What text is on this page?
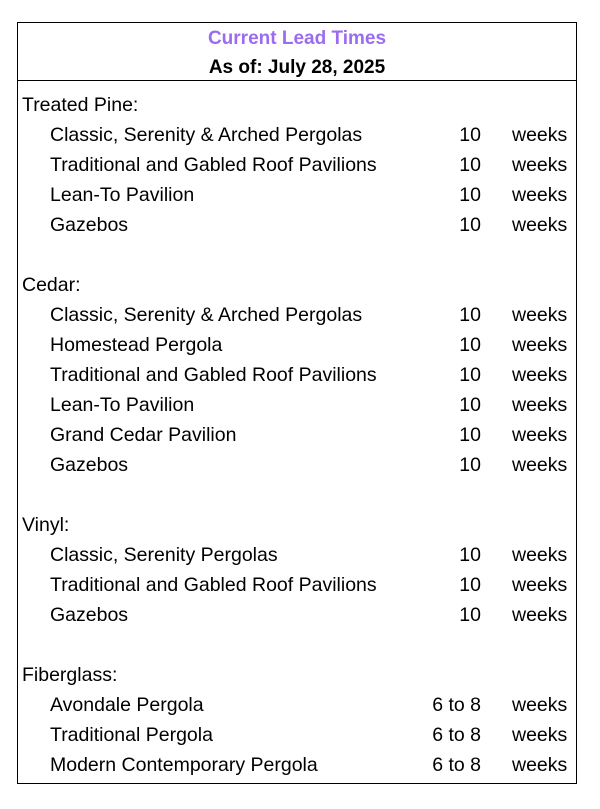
Current Lead Times
As of: July 28, 2025
Treated Pine:
Classic, Serenity & Arched Pergolas	10 weeks
Traditional and Gabled Roof Pavilions	10 weeks
Lean-To Pavilion	10 weeks
Gazebos	10 weeks
Cedar:
Classic, Serenity & Arched Pergolas	10 weeks
Homestead Pergola	10 weeks
Traditional and Gabled Roof Pavilions	10 weeks
Lean-To Pavilion	10 weeks
Grand Cedar Pavilion	10 weeks
Gazebos	10 weeks
Vinyl:
Classic, Serenity Pergolas	10 weeks
Traditional and Gabled Roof Pavilions	10 weeks
Gazebos	10 weeks
Fiberglass:
Avondale Pergola	6 to 8 weeks
Traditional Pergola	6 to 8 weeks
Modern Contemporary Pergola	6 to 8 weeks
